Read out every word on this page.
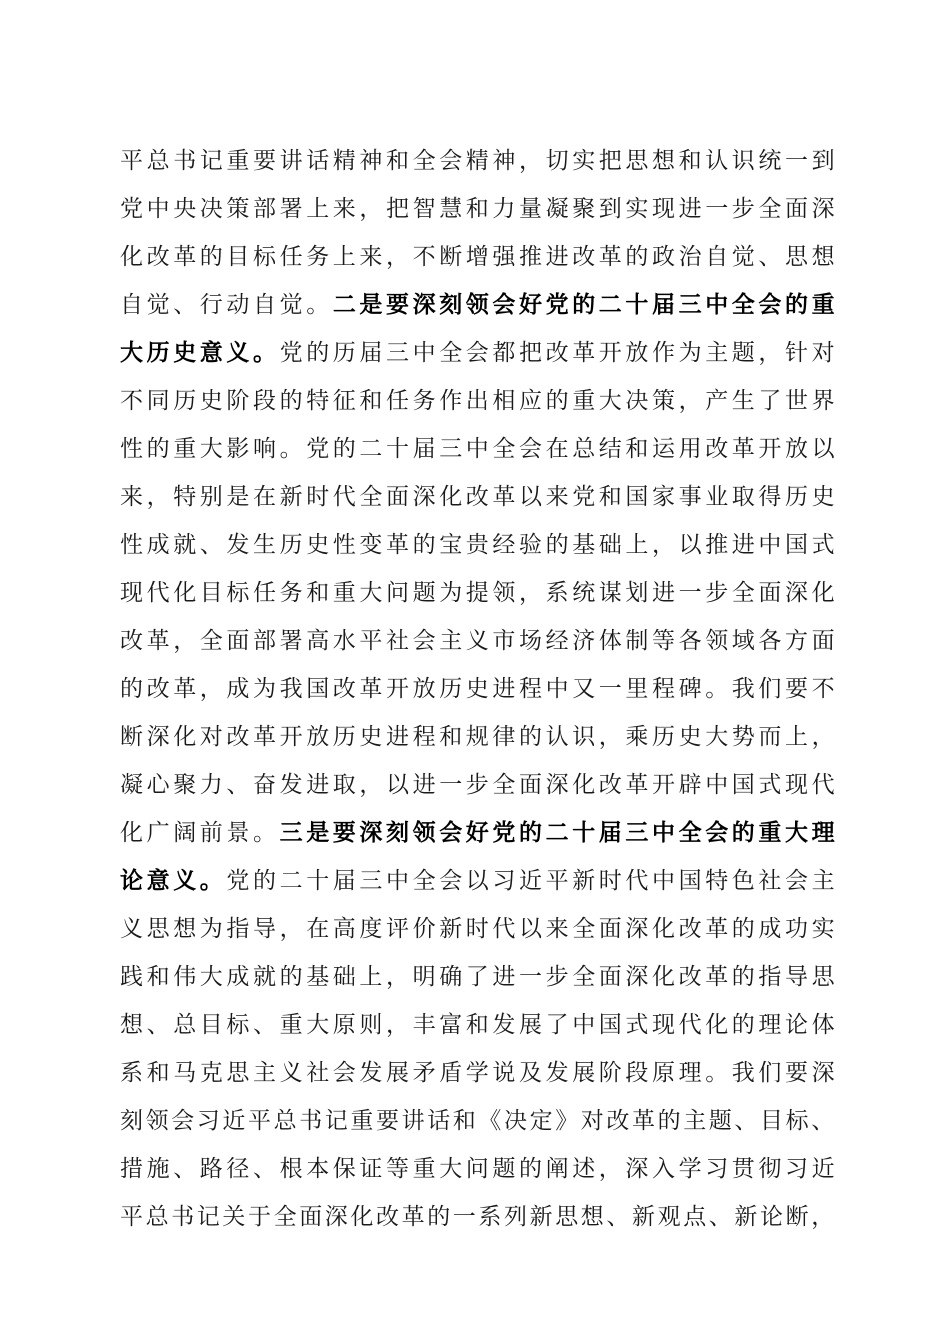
平总书记重要讲话精神和全会精神，切实把思想和认识统一到
党中央决策部署上来，把智慧和力量凝聚到实现进一步全面深
化改革的目标任务上来，不断增强推进改革的政治自觉、思想
自觉、行动自觉。二是要深刻领会好党的二十届三中全会的重
大历史意义。党的历届三中全会都把改革开放作为主题，针对
不同历史阶段的特征和任务作出相应的重大决策，产生了世界
性的重大影响。党的二十届三中全会在总结和运用改革开放以
来，特别是在新时代全面深化改革以来党和国家事业取得历史
性成就、发生历史性变革的宝贵经验的基础上，以推进中国式
现代化目标任务和重大问题为提领，系统谋划进一步全面深化
改革，全面部署高水平社会主义市场经济体制等各领域各方面
的改革，成为我国改革开放历史进程中又一里程碑。我们要不
断深化对改革开放历史进程和规律的认识，乘历史大势而上，
凝心聚力、奋发进取，以进一步全面深化改革开辟中国式现代
化广阔前景。三是要深刻领会好党的二十届三中全会的重大理
论意义。党的二十届三中全会以习近平新时代中国特色社会主
义思想为指导，在高度评价新时代以来全面深化改革的成功实
践和伟大成就的基础上，明确了进一步全面深化改革的指导思
想、总目标、重大原则，丰富和发展了中国式现代化的理论体
系和马克思主义社会发展矛盾学说及发展阶段原理。我们要深
刻领会习近平总书记重要讲话和《决定》对改革的主题、目标、
措施、路径、根本保证等重大问题的阐述，深入学习贯彻习近
平总书记关于全面深化改革的一系列新思想、新观点、新论断，
